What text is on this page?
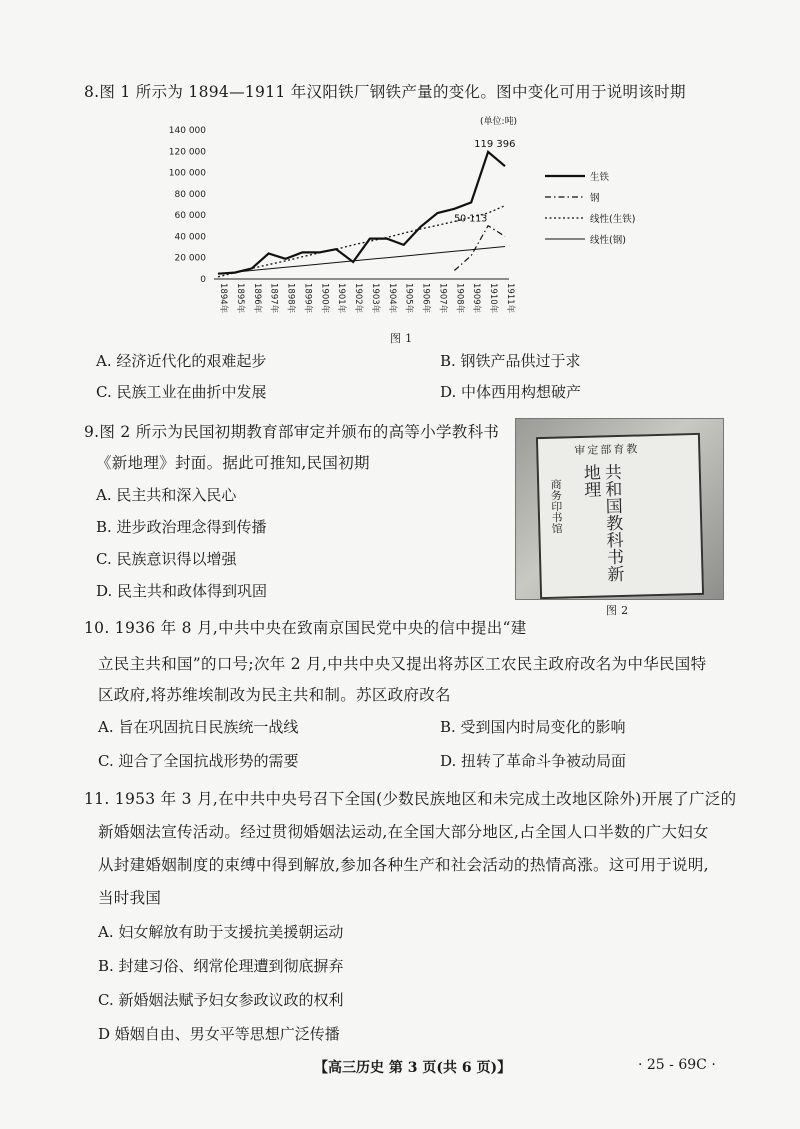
8.图 1 所示为 1894—1911 年汉阳铁厂钢铁产量的变化。图中变化可用于说明该时期
0
20 000
40 000
60 000
80 000
100 000
120 000
140 000
1894年 1895年 1896年 1897年 1898年 1899年 1900年 1901年 1902年 1903年 1904年 1905年 1906年 1907年 1908年 1909年 1910年 1911年
生铁
钢
线性(生铁)
线性(钢)
(单位:吨)
119 396
50 113
图 1
A. 经济近代化的艰难起步	B. 钢铁产品供过于求
C. 民族工业在曲折中发展	D. 中体西用构想破产
9.图 2 所示为民国初期教育部审定并颁布的高等小学教科书
《新地理》封面。据此可推知,民国初期
A. 民主共和深入民心
B. 进步政治理念得到传播
C. 民族意识得以增强
D. 民主共和政体得到巩固
审定部育教
共和国教科书新地理
商务印书馆
图 2
10. 1936 年 8 月,中共中央在致南京国民党中央的信中提出“建
立民主共和国”的口号;次年 2 月,中共中央又提出将苏区工农民主政府改名为中华民国特
区政府,将苏维埃制改为民主共和制。苏区政府改名
A. 旨在巩固抗日民族统一战线	B. 受到国内时局变化的影响
C. 迎合了全国抗战形势的需要	D. 扭转了革命斗争被动局面
11. 1953 年 3 月,在中共中央号召下全国(少数民族地区和未完成土改地区除外)开展了广泛的
新婚姻法宣传活动。经过贯彻婚姻法运动,在全国大部分地区,占全国人口半数的广大妇女
从封建婚姻制度的束缚中得到解放,参加各种生产和社会活动的热情高涨。这可用于说明,
当时我国
A. 妇女解放有助于支援抗美援朝运动
B. 封建习俗、纲常伦理遭到彻底摒弃
C. 新婚姻法赋予妇女参政议政的权利
D 婚姻自由、男女平等思想广泛传播
【高三历史 第 3 页(共 6 页)】	· 25 - 69C ·
